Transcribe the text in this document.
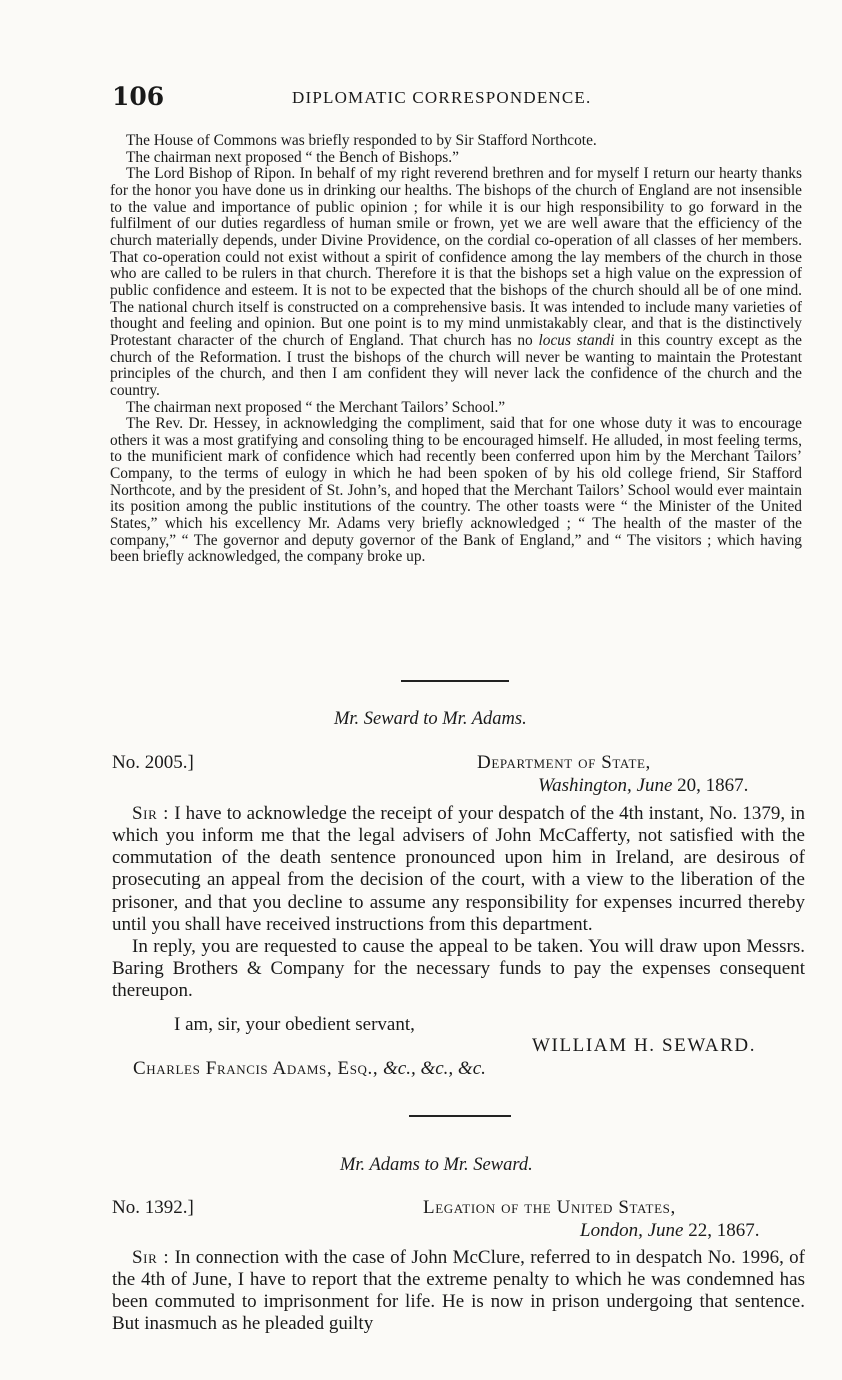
106	DIPLOMATIC CORRESPONDENCE.

The House of Commons was briefly responded to by Sir Stafford Northcote.

The chairman next proposed “ the Bench of Bishops.”

The Lord Bishop of Ripon. In behalf of my right reverend brethren and for myself I return our hearty thanks for the honor you have done us in drinking our healths. The bishops of the church of England are not insensible to the value and importance of public opinion ; for while it is our high responsibility to go forward in the fulfilment of our duties regardless of human smile or frown, yet we are well aware that the efficiency of the church materially depends, under Divine Providence, on the cordial co-operation of all classes of her members. That co-operation could not exist without a spirit of confidence among the lay members of the church in those who are called to be rulers in that church. Therefore it is that the bishops set a high value on the expression of public confidence and esteem. It is not to be expected that the bishops of the church should all be of one mind. The national church itself is constructed on a comprehensive basis. It was intended to include many varieties of thought and feeling and opinion. But one point is to my mind unmistakably clear, and that is the distinctively Protestant character of the church of England. That church has no locus standi in this country except as the church of the Reformation. I trust the bishops of the church will never be wanting to maintain the Protestant principles of the church, and then I am confident they will never lack the confidence of the church and the country.

The chairman next proposed “ the Merchant Tailors’ School.”

The Rev. Dr. Hessey, in acknowledging the compliment, said that for one whose duty it was to encourage others it was a most gratifying and consoling thing to be encouraged himself. He alluded, in most feeling terms, to the munificient mark of confidence which had recently been conferred upon him by the Merchant Tailors’ Company, to the terms of eulogy in which he had been spoken of by his old college friend, Sir Stafford Northcote, and by the president of St. John’s, and hoped that the Merchant Tailors’ School would ever maintain its position among the public institutions of the country. The other toasts were “ the Minister of the United States,” which his excellency Mr. Adams very briefly acknowledged ; “ The health of the master of the company,” “ The governor and deputy governor of the Bank of England,” and “ The visitors ; which having been briefly acknowledged, the company broke up.

Mr. Seward to Mr. Adams.
No. 2005.]	Department of State,
Washington, June 20, 1867.

Sir : I have to acknowledge the receipt of your despatch of the 4th instant, No. 1379, in which you inform me that the legal advisers of John McCafferty, not satisfied with the commutation of the death sentence pronounced upon him in Ireland, are desirous of prosecuting an appeal from the decision of the court, with a view to the liberation of the prisoner, and that you decline to assume any responsibility for expenses incurred thereby until you shall have received instructions from this department.

In reply, you are requested to cause the appeal to be taken. You will draw upon Messrs. Baring Brothers & Company for the necessary funds to pay the expenses consequent thereupon.

I am, sir, your obedient servant,
WILLIAM H. SEWARD.
Charles Francis Adams, Esq., &c., &c., &c.
Mr. Adams to Mr. Seward.
No. 1392.]	Legation of the United States,
London, June 22, 1867.

Sir : In connection with the case of John McClure, referred to in despatch No. 1996, of the 4th of June, I have to report that the extreme penalty to which he was condemned has been commuted to imprisonment for life. He is now in prison undergoing that sentence. But inasmuch as he pleaded guilty
